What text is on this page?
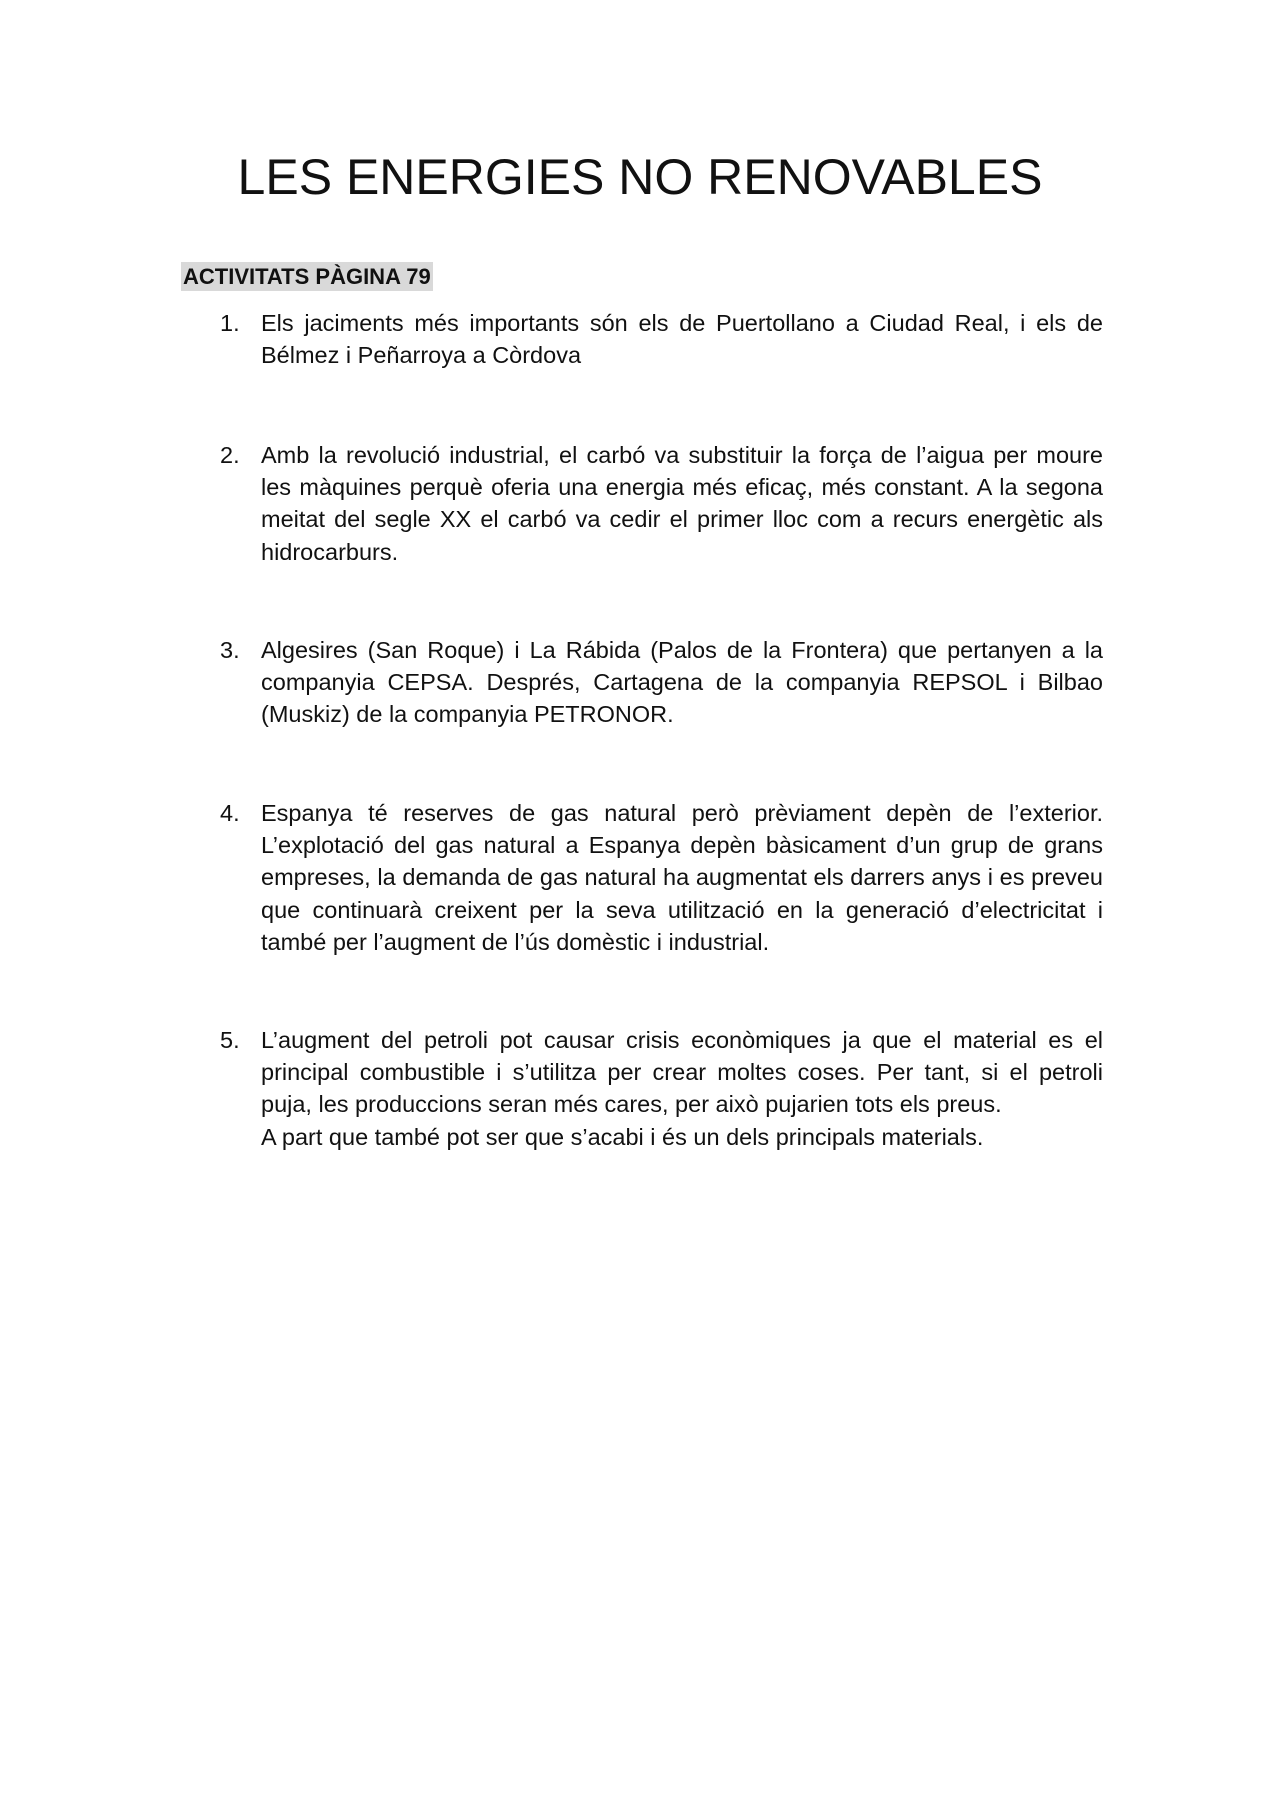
LES ENERGIES NO RENOVABLES
ACTIVITATS PÀGINA 79
1. Els jaciments més importants són els de Puertollano a Ciudad Real, i els de Bélmez i Peñarroya a Còrdova
2. Amb la revolució industrial, el carbó va substituir la força de l’aigua per moure les màquines perquè oferia una energia més eficaç, més constant. A la segona meitat del segle XX el carbó va cedir el primer lloc com a recurs energètic als hidrocarburs.
3. Algesires (San Roque) i La Rábida (Palos de la Frontera) que pertanyen a la companyia CEPSA. Després, Cartagena de la companyia REPSOL i Bilbao (Muskiz) de la companyia PETRONOR.
4. Espanya té reserves de gas natural però prèviament depèn de l’exterior. L’explotació del gas natural a Espanya depèn bàsicament d’un grup de grans empreses, la demanda de gas natural ha augmentat els darrers anys i es preveu que continuarà creixent per la seva utilització en la generació d’electricitat i també per l’augment de l’ús domèstic i industrial.
5. L’augment del petroli pot causar crisis econòmiques ja que el material es el principal combustible i s’utilitza per crear moltes coses. Per tant, si el petroli puja, les produccions seran més cares, per això pujarien tots els preus.
A part que també pot ser que s’acabi i és un dels principals materials.
